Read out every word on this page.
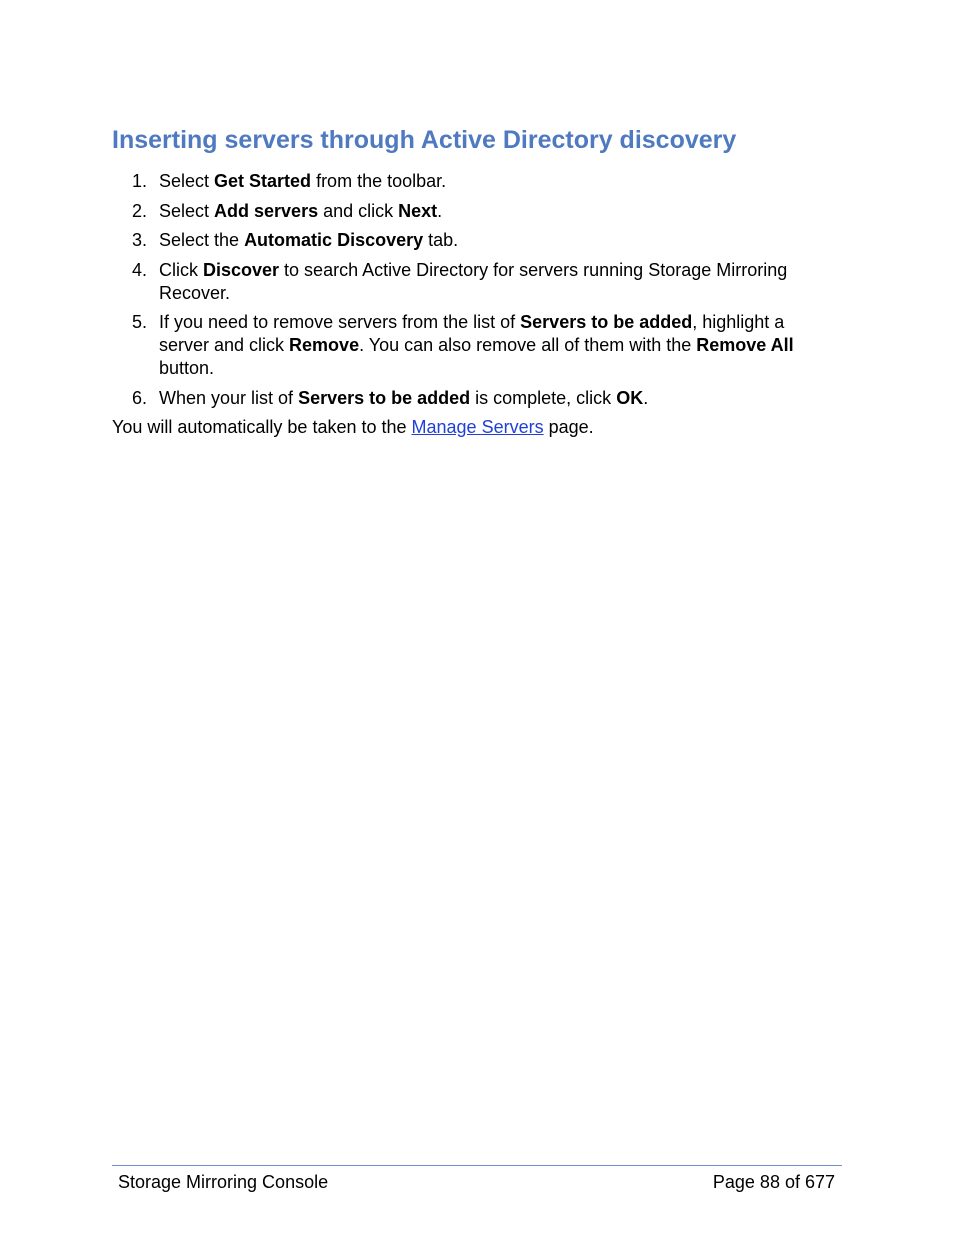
Inserting servers through Active Directory discovery
1. Select Get Started from the toolbar.
2. Select Add servers and click Next.
3. Select the Automatic Discovery tab.
4. Click Discover to search Active Directory for servers running Storage Mirroring Recover.
5. If you need to remove servers from the list of Servers to be added, highlight a server and click Remove. You can also remove all of them with the Remove All button.
6. When your list of Servers to be added is complete, click OK.

You will automatically be taken to the Manage Servers page.

Storage Mirroring Console	Page 88 of 677
